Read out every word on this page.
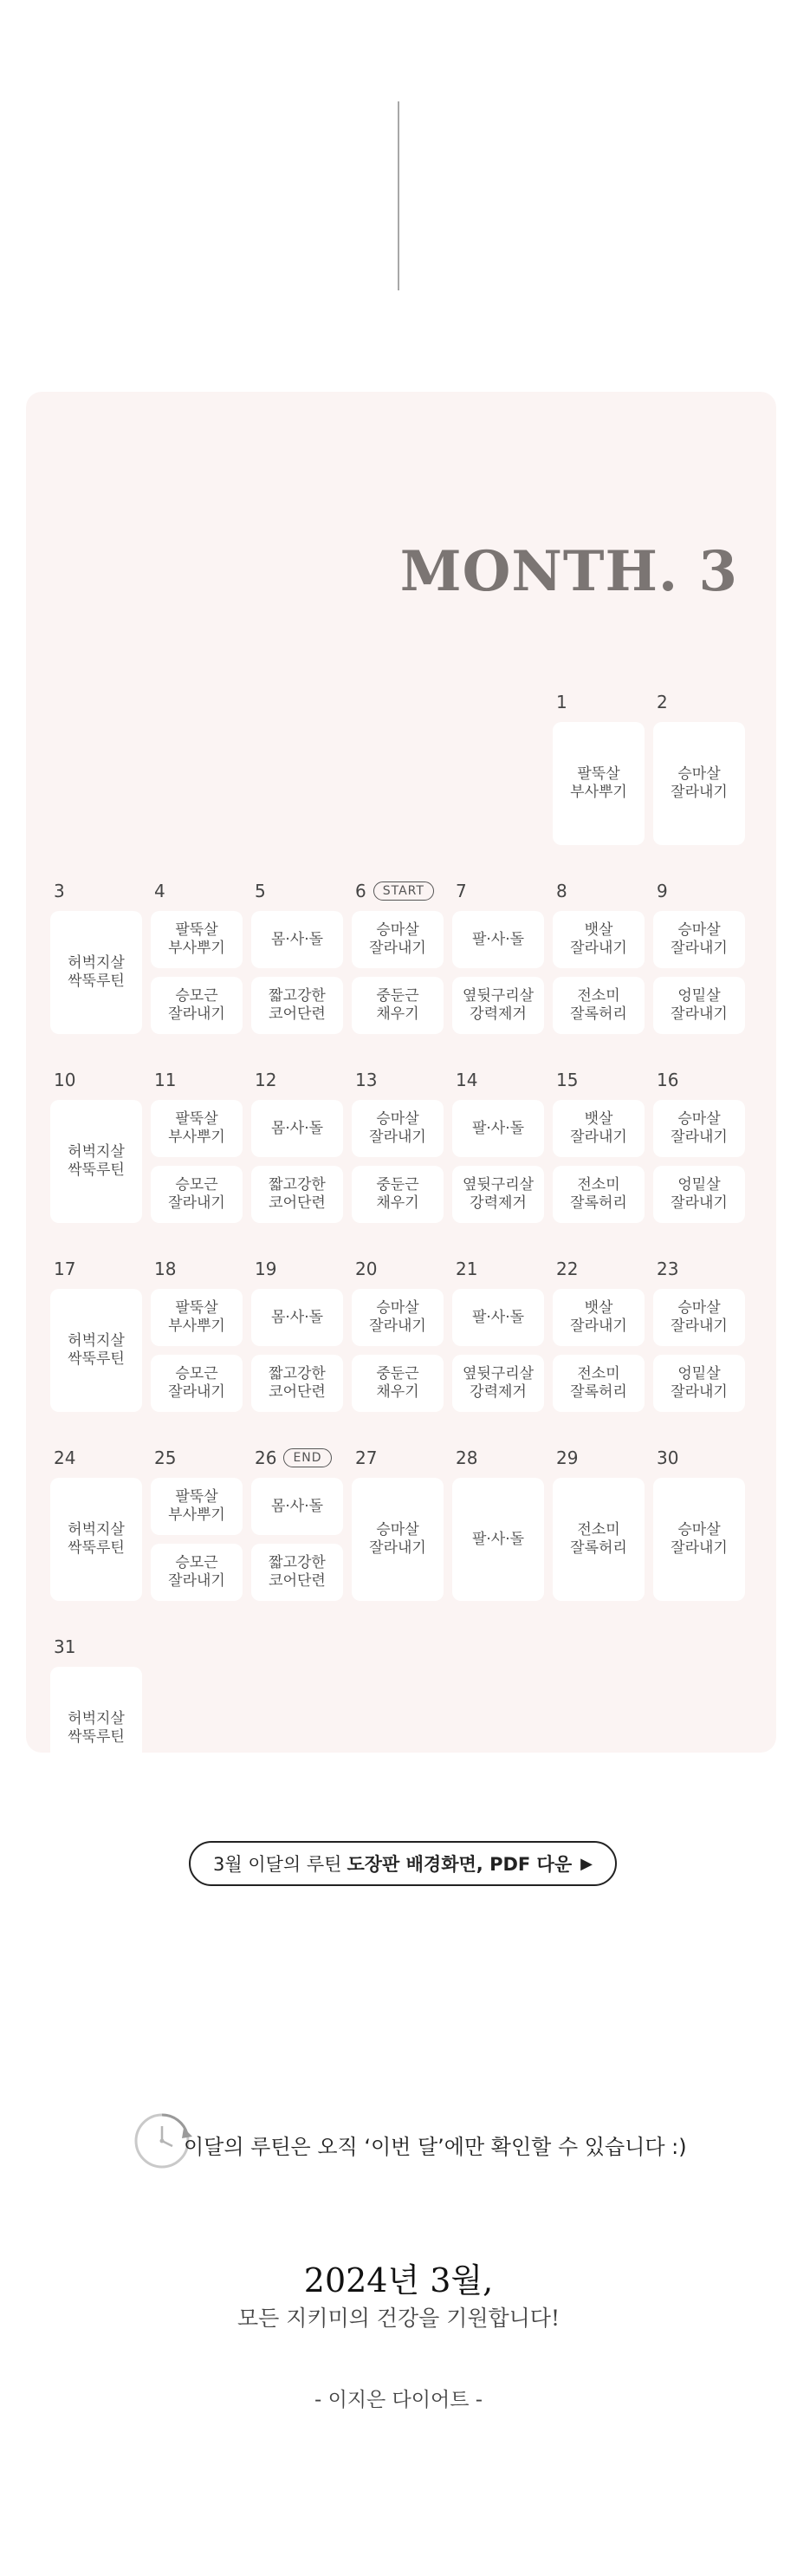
MONTH. 3
1
팔뚝살
부사뿌기
2
승마살
잘라내기
3
허벅지살
싹뚝루틴
4
팔뚝살
부사뿌기
승모근
잘라내기
5
몸·사·돌
짧고강한
코어단련
6 START
승마살
잘라내기
중둔근
채우기
7
팔·사·돌
옆뒷구리살
강력제거
8
뱃살
잘라내기
전소미
잘록허리
9
승마살
잘라내기
엉밑살
잘라내기
10
허벅지살
싹뚝루틴
11
팔뚝살
부사뿌기
승모근
잘라내기
12
몸·사·돌
짧고강한
코어단련
13
승마살
잘라내기
중둔근
채우기
14
팔·사·돌
옆뒷구리살
강력제거
15
뱃살
잘라내기
전소미
잘록허리
16
승마살
잘라내기
엉밑살
잘라내기
17
허벅지살
싹뚝루틴
18
팔뚝살
부사뿌기
승모근
잘라내기
19
몸·사·돌
짧고강한
코어단련
20
승마살
잘라내기
중둔근
채우기
21
팔·사·돌
옆뒷구리살
강력제거
22
뱃살
잘라내기
전소미
잘록허리
23
승마살
잘라내기
엉밑살
잘라내기
24
허벅지살
싹뚝루틴
25
팔뚝살
부사뿌기
승모근
잘라내기
26 END
몸·사·돌
짧고강한
코어단련
27
승마살
잘라내기
28
팔·사·돌
29
전소미
잘록허리
30
승마살
잘라내기
31
허벅지살
싹뚝루틴
3월 이달의 루틴 도장판 배경화면, PDF 다운 ▶
이달의 루틴은 오직 ‘이번 달’에만 확인할 수 있습니다 :)
2024년 3월,
모든 지키미의 건강을 기원합니다!
- 이지은 다이어트 -
